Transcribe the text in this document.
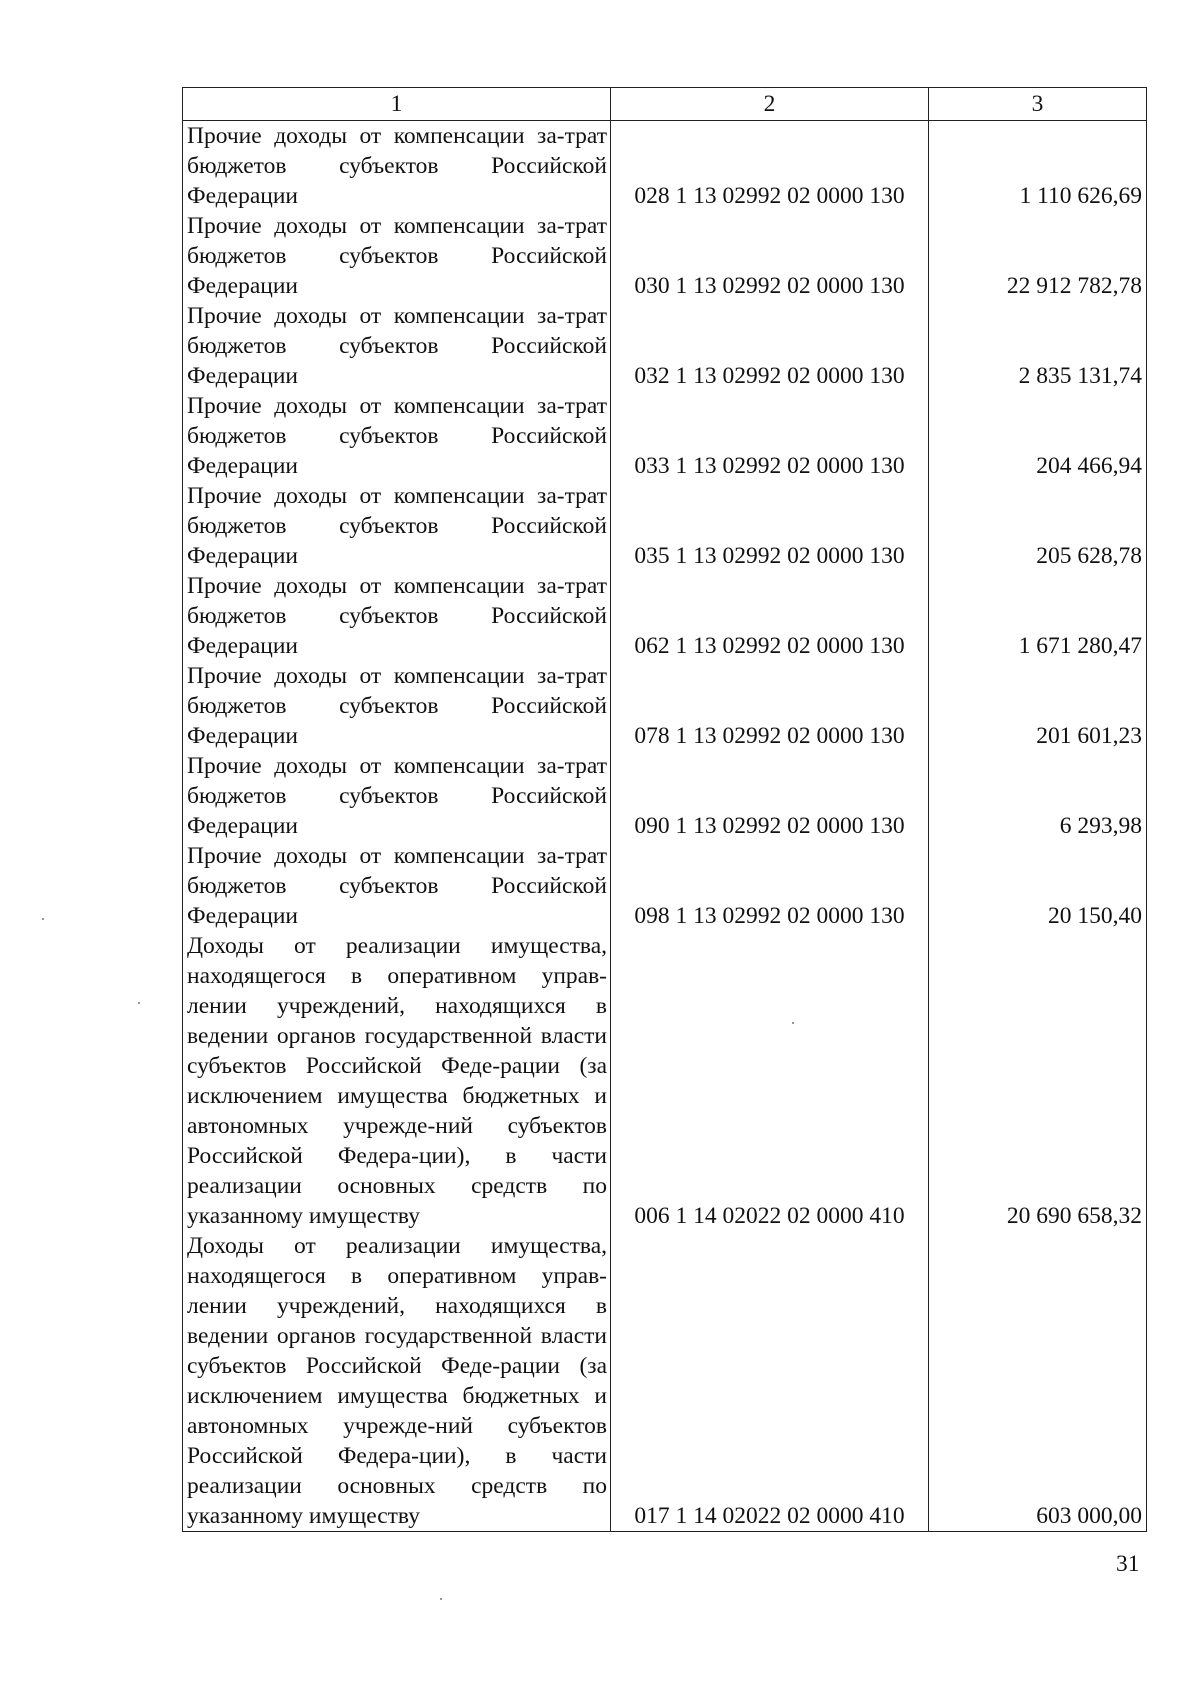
1	2	3
Прочие доходы от компенсации за-трат бюджетов субъектов Российской Федерации	028 1 13 02992 02 0000 130	1 110 626,69
Прочие доходы от компенсации за-трат бюджетов субъектов Российской Федерации	030 1 13 02992 02 0000 130	22 912 782,78
Прочие доходы от компенсации за-трат бюджетов субъектов Российской Федерации	032 1 13 02992 02 0000 130	2 835 131,74
Прочие доходы от компенсации за-трат бюджетов субъектов Российской Федерации	033 1 13 02992 02 0000 130	204 466,94
Прочие доходы от компенсации за-трат бюджетов субъектов Российской Федерации	035 1 13 02992 02 0000 130	205 628,78
Прочие доходы от компенсации за-трат бюджетов субъектов Российской Федерации	062 1 13 02992 02 0000 130	1 671 280,47
Прочие доходы от компенсации за-трат бюджетов субъектов Российской Федерации	078 1 13 02992 02 0000 130	201 601,23
Прочие доходы от компенсации за-трат бюджетов субъектов Российской Федерации	090 1 13 02992 02 0000 130	6 293,98
Прочие доходы от компенсации за-трат бюджетов субъектов Российской Федерации	098 1 13 02992 02 0000 130	20 150,40
Доходы от реализации имущества, находящегося в оперативном управ-лении учреждений, находящихся в ведении органов государственной власти субъектов Российской Феде-рации (за исключением имущества бюджетных и автономных учрежде-ний субъектов Российской Федера-ции), в части реализации основных средств по указанному имуществу	006 1 14 02022 02 0000 410	20 690 658,32
Доходы от реализации имущества, находящегося в оперативном управ-лении учреждений, находящихся в ведении органов государственной власти субъектов Российской Феде-рации (за исключением имущества бюджетных и автономных учрежде-ний субъектов Российской Федера-ции), в части реализации основных средств по указанному имуществу	017 1 14 02022 02 0000 410	603 000,00
31
